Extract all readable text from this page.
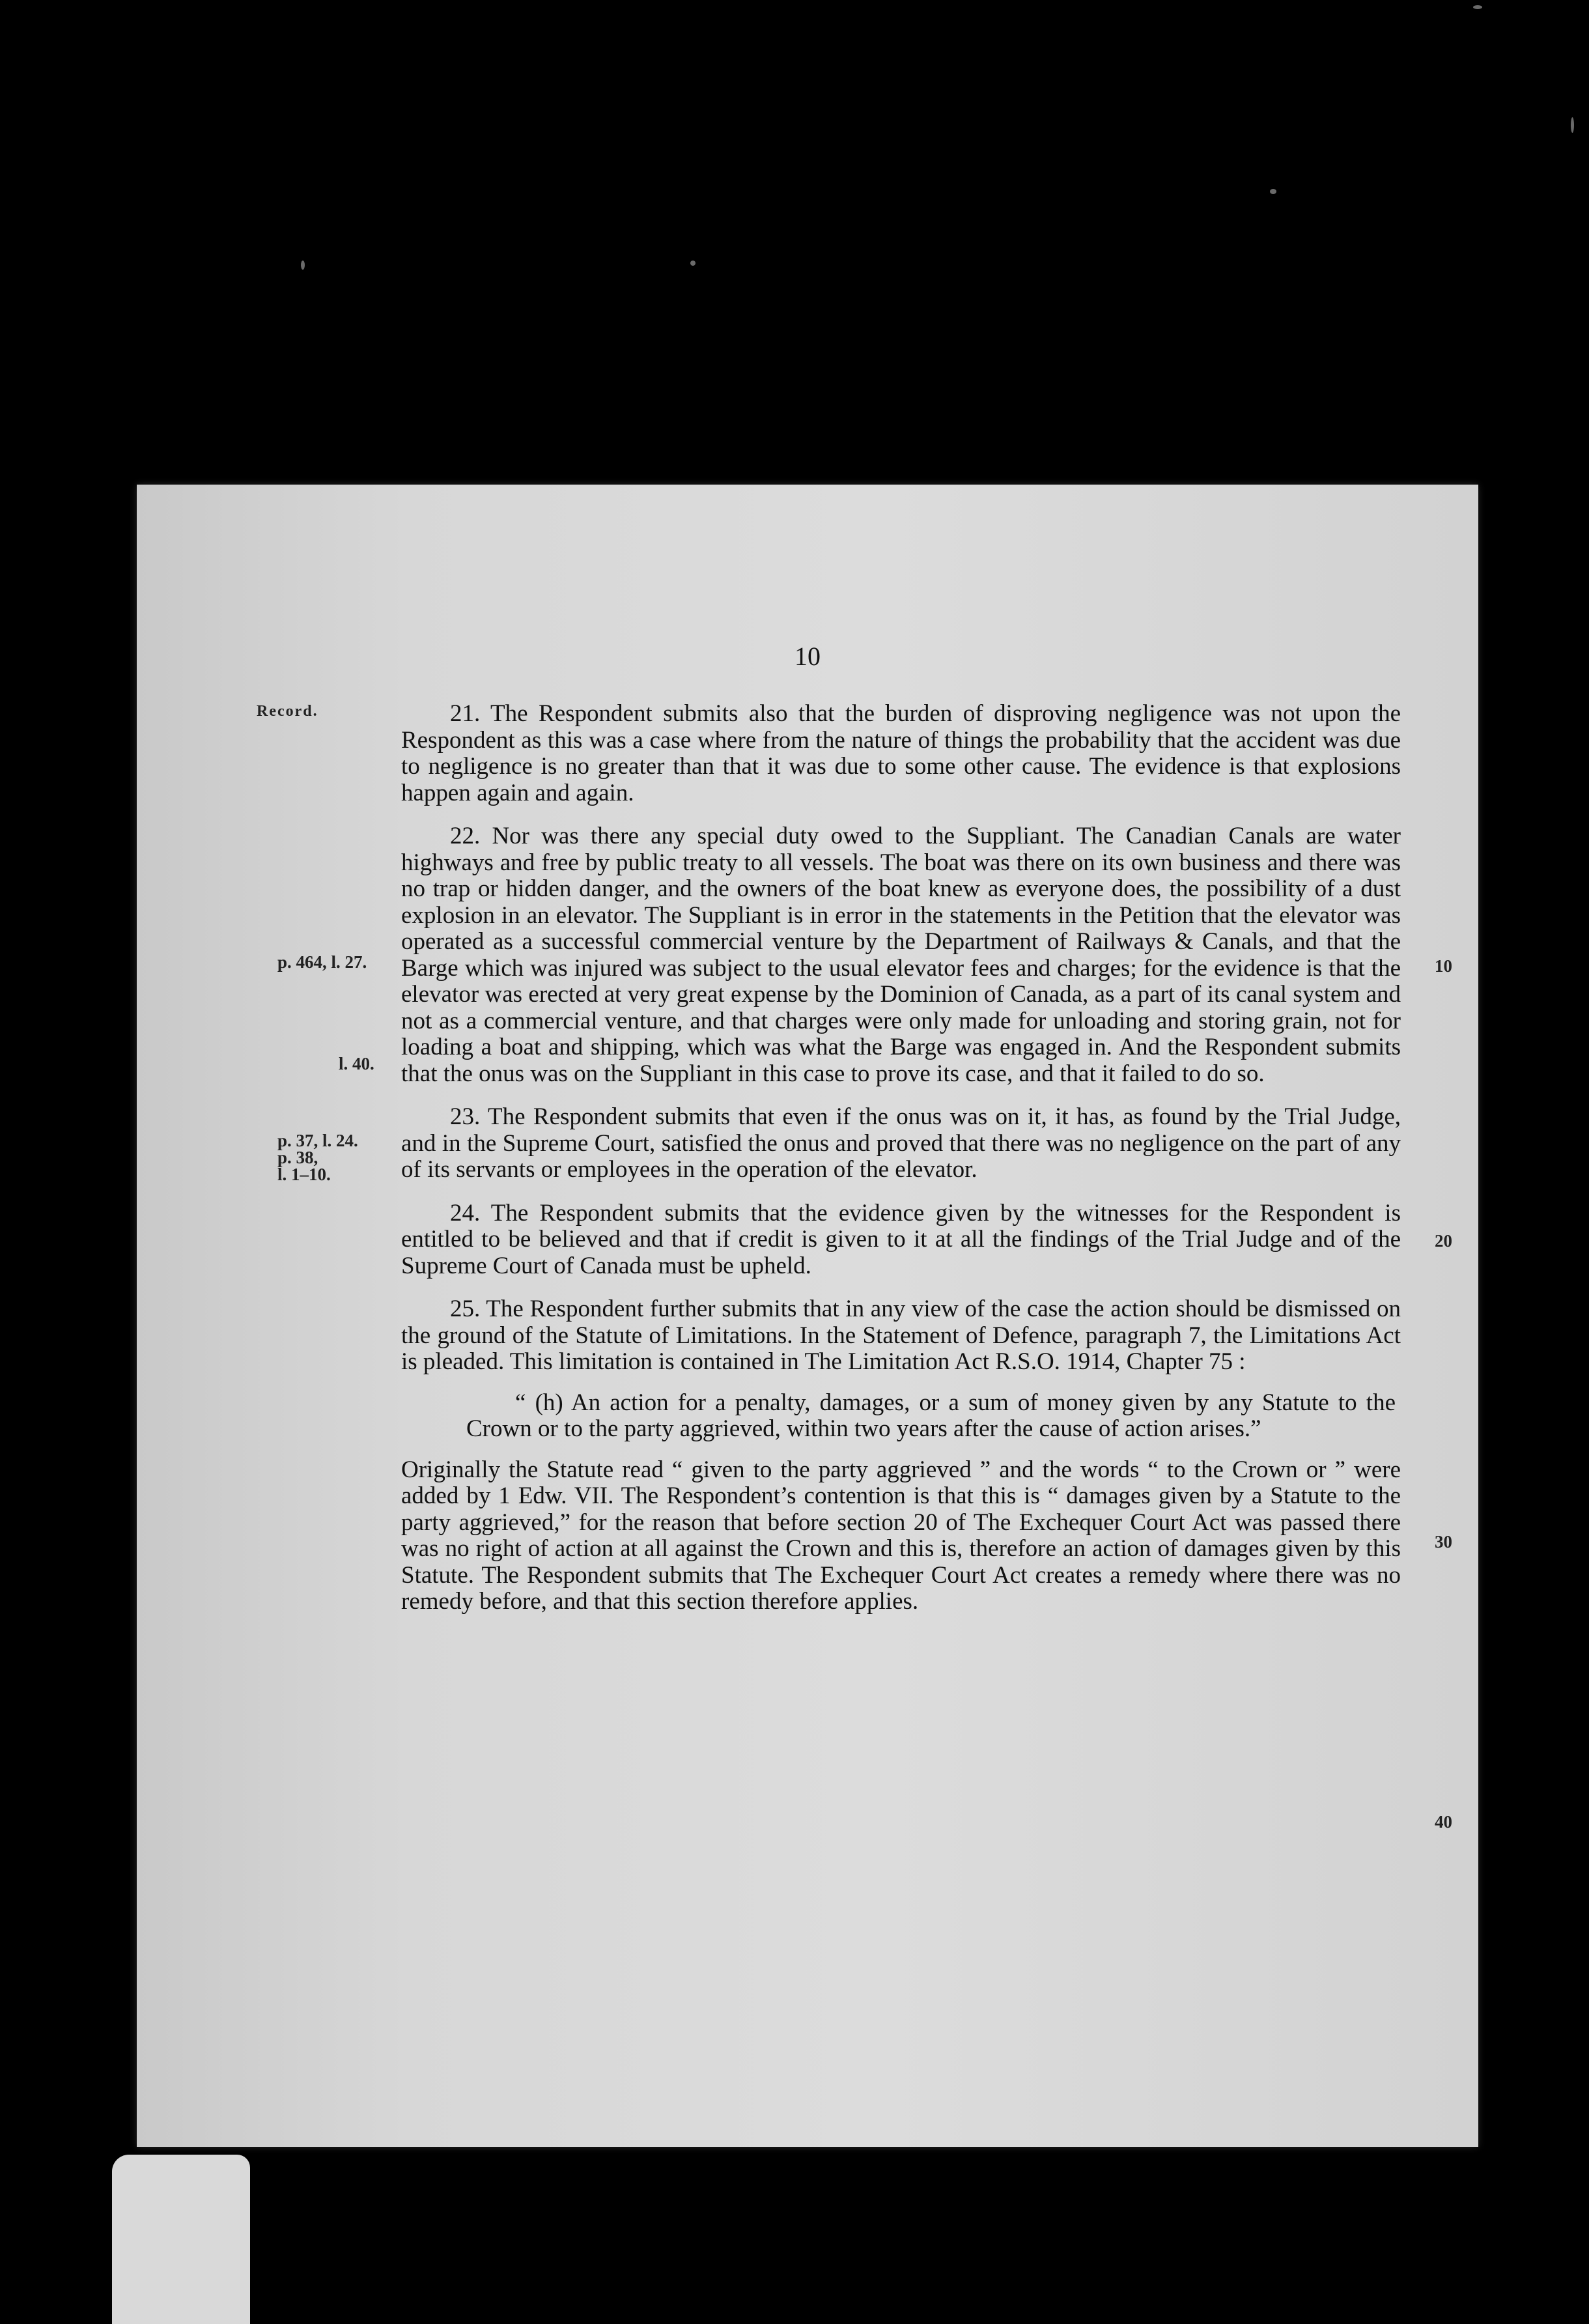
10
Record.
p. 464, l. 27.
l. 40.
p. 37, l. 24.
p. 38,
l. 1–10.
10
20
30
40

21. The Respondent submits also that the burden of disproving negligence was not upon the Respondent as this was a case where from the nature of things the probability that the accident was due to negligence is no greater than that it was due to some other cause. The evidence is that explosions happen again and again.

22. Nor was there any special duty owed to the Suppliant. The Canadian Canals are water highways and free by public treaty to all vessels. The boat was there on its own business and there was no trap or hidden danger, and the owners of the boat knew as everyone does, the possibility of a dust explosion in an elevator. The Suppliant is in error in the statements in the Petition that the elevator was operated as a successful commercial venture by the Department of Railways & Canals, and that the Barge which was injured was subject to the usual elevator fees and charges; for the evidence is that the elevator was erected at very great expense by the Dominion of Canada, as a part of its canal system and not as a commercial venture, and that charges were only made for unloading and storing grain, not for loading a boat and shipping, which was what the Barge was engaged in. And the Respondent submits that the onus was on the Suppliant in this case to prove its case, and that it failed to do so.

23. The Respondent submits that even if the onus was on it, it has, as found by the Trial Judge, and in the Supreme Court, satisfied the onus and proved that there was no negligence on the part of any of its servants or employees in the operation of the elevator.

24. The Respondent submits that the evidence given by the witnesses for the Respondent is entitled to be believed and that if credit is given to it at all the findings of the Trial Judge and of the Supreme Court of Canada must be upheld.

25. The Respondent further submits that in any view of the case the action should be dismissed on the ground of the Statute of Limitations. In the Statement of Defence, paragraph 7, the Limitations Act is pleaded. This limitation is contained in The Limitation Act R.S.O. 1914, Chapter 75 :

“ (h) An action for a penalty, damages, or a sum of money given by any Statute to the Crown or to the party aggrieved, within two years after the cause of action arises.”

Originally the Statute read “ given to the party aggrieved ” and the words “ to the Crown or ” were added by 1 Edw. VII. The Respondent’s contention is that this is “ damages given by a Statute to the party aggrieved,” for the reason that before section 20 of The Exchequer Court Act was passed there was no right of action at all against the Crown and this is, therefore an action of damages given by this Statute. The Respondent submits that The Exchequer Court Act creates a remedy where there was no remedy before, and that this section therefore applies.
